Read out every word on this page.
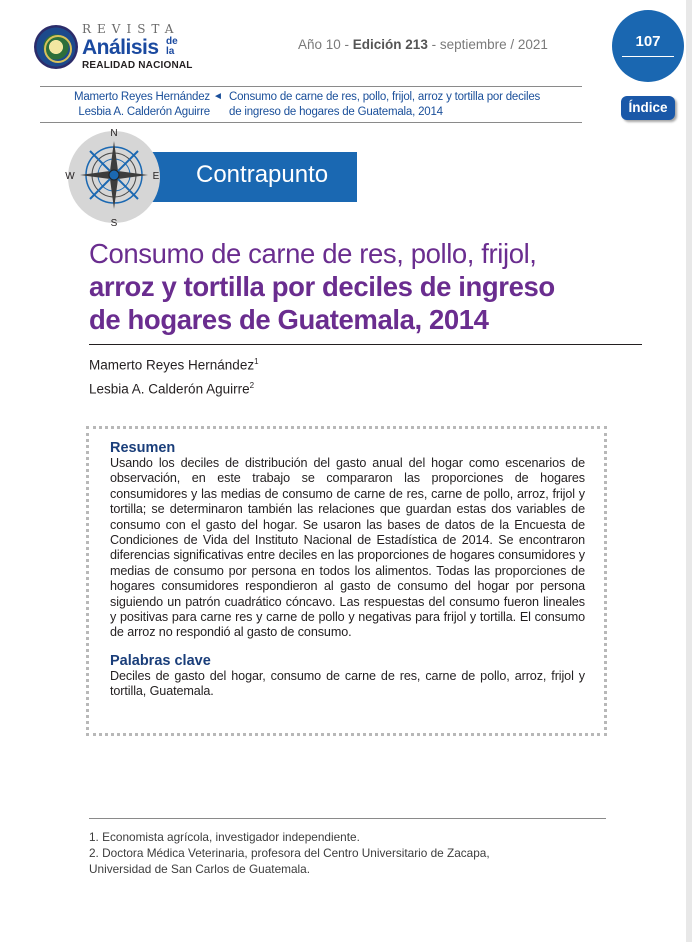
REVISTA
Análisis de la
REALIDAD NACIONAL
Año 10 - Edición 213 - septiembre / 2021	107
Mamerto Reyes Hernández
Lesbia A. Calderón Aguirre
◄ Consumo de carne de res, pollo, frijol, arroz y tortilla por deciles
de ingreso de hogares de Guatemala, 2014	Índice
Contrapunto
N
S
E
W
Consumo de carne de res, pollo, frijol,
arroz y tortilla por deciles de ingreso
de hogares de Guatemala, 2014
Mamerto Reyes Hernández$^1$
Lesbia A. Calderón Aguirre$^2$

Resumen

Usando los deciles de distribución del gasto anual del hogar como escenarios de observación, en este trabajo se compararon las proporciones de hogares consumidores y las medias de consumo de carne de res, carne de pollo, arroz, frijol y tortilla; se determinaron también las relaciones que guardan estas dos variables de consumo con el gasto del hogar. Se usaron las bases de datos de la Encuesta de Condiciones de Vida del Instituto Nacional de Estadística de 2014. Se encontraron diferencias significativas entre deciles en las proporciones de hogares consumidores y medias de consumo por persona en todos los alimentos. Todas las proporciones de hogares consumidores respondieron al gasto de consumo del hogar por persona siguiendo un patrón cuadrático cóncavo. Las respuestas del consumo fueron lineales y positivas para carne res y carne de pollo y negativas para frijol y tortilla. El consumo de arroz no respondió al gasto de consumo.

Palabras clave

Deciles de gasto del hogar, consumo de carne de res, carne de pollo, arroz, frijol y tortilla, Guatemala.

1. Economista agrícola, investigador independiente.
2. Doctora Médica Veterinaria, profesora del Centro Universitario de Zacapa,
Universidad de San Carlos de Guatemala.
